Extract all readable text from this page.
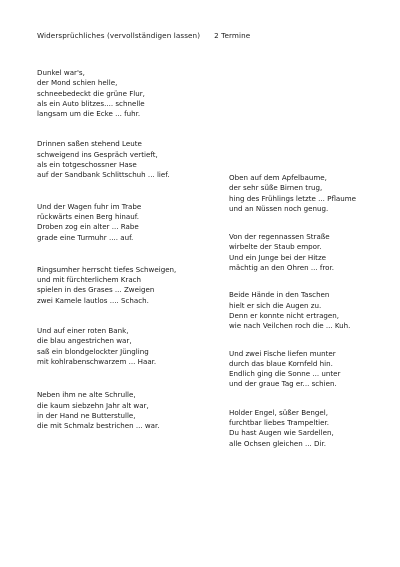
Widersprüchliches (vervollständigen lassen) 2 Termine
Dunkel war's,
der Mond schien helle,
schneebedeckt die grüne Flur,
als ein Auto blitzes.... schnelle
langsam um die Ecke ... fuhr.
Drinnen saßen stehend Leute
schweigend ins Gespräch vertieft,
als ein totgeschossner Hase
auf der Sandbank Schlittschuh ... lief.
Und der Wagen fuhr im Trabe
rückwärts einen Berg hinauf.
Droben zog ein alter ... Rabe
grade eine Turmuhr .... auf.
Ringsumher herrscht tiefes Schweigen,
und mit fürchterlichem Krach
spielen in des Grases ... Zweigen
zwei Kamele lautlos .... Schach.
Und auf einer roten Bank,
die blau angestrichen war,
saß ein blondgelockter Jüngling
mit kohlrabenschwarzem ... Haar.
Neben ihm ne alte Schrulle,
die kaum siebzehn Jahr alt war,
in der Hand ne Butterstulle,
die mit Schmalz bestrichen ... war.
Oben auf dem Apfelbaume,
der sehr süße Birnen trug,
hing des Frühlings letzte ... Pflaume
und an Nüssen noch genug.
Von der regennassen Straße
wirbelte der Staub empor.
Und ein Junge bei der Hitze
mächtig an den Ohren ... fror.
Beide Hände in den Taschen
hielt er sich die Augen zu.
Denn er konnte nicht ertragen,
wie nach Veilchen roch die ... Kuh.
Und zwei Fische liefen munter
durch das blaue Kornfeld hin.
Endlich ging die Sonne ... unter
und der graue Tag er... schien.
Holder Engel, süßer Bengel,
furchtbar liebes Trampeltier.
Du hast Augen wie Sardellen,
alle Ochsen gleichen ... Dir.
